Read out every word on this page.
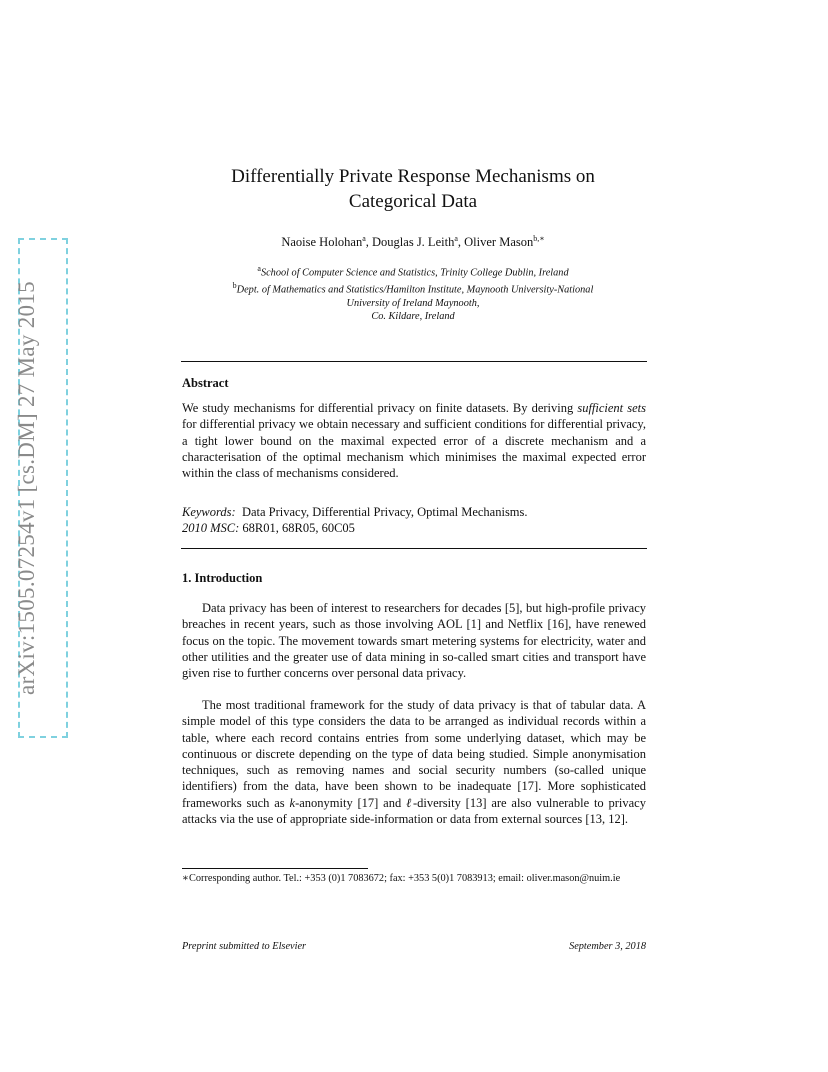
arXiv:1505.07254v1 [cs.DM] 27 May 2015
Differentially Private Response Mechanisms on
Categorical Data
Naoise Holohan$^a$, Douglas J. Leith$^a$, Oliver Mason$^{b,∗}$
$^a$School of Computer Science and Statistics, Trinity College Dublin, Ireland
$^b$Dept. of Mathematics and Statistics/Hamilton Institute, Maynooth University-National
University of Ireland Maynooth,
Co. Kildare, Ireland
Abstract
We study mechanisms for differential privacy on finite datasets. By deriving sufficient sets for differential privacy we obtain necessary and sufficient conditions for differential privacy, a tight lower bound on the maximal expected error of a discrete mechanism and a characterisation of the optimal mechanism which minimises the maximal expected error within the class of mechanisms considered.
Keywords: Data Privacy, Differential Privacy, Optimal Mechanisms.
2010 MSC: 68R01, 68R05, 60C05
1. Introduction
Data privacy has been of interest to researchers for decades [5], but high-profile privacy breaches in recent years, such as those involving AOL [1] and Netflix [16], have renewed focus on the topic. The movement towards smart metering systems for electricity, water and other utilities and the greater use of data mining in so-called smart cities and transport have given rise to further concerns over personal data privacy.
The most traditional framework for the study of data privacy is that of tabular data. A simple model of this type considers the data to be arranged as individual records within a table, where each record contains entries from some underlying dataset, which may be continuous or discrete depending on the type of data being studied. Simple anonymisation techniques, such as removing names and social security numbers (so-called unique identifiers) from the data, have been shown to be inadequate [17]. More sophisticated frameworks such as k-anonymity [17] and ℓ-diversity [13] are also vulnerable to privacy attacks via the use of appropriate side-information or data from external sources [13, 12].
∗Corresponding author. Tel.: +353 (0)1 7083672; fax: +353 5(0)1 7083913; email: oliver.mason@nuim.ie
Preprint submitted to Elsevier	September 3, 2018
